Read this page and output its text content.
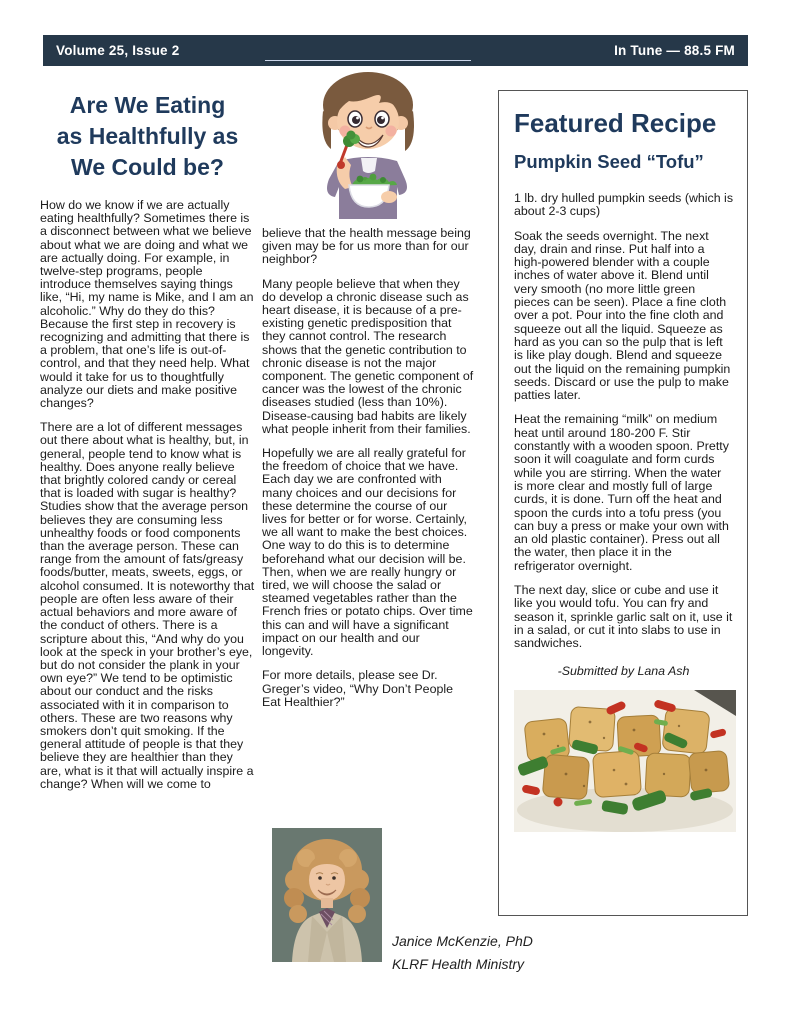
Volume 25, Issue 2	In Tune — 88.5 FM
Are We Eating
as Healthfully as
We Could be?

How do we know if we are actually eating healthfully? Sometimes there is a disconnect between what we believe about what we are doing and what we are actually doing. For example, in twelve-step programs, people introduce themselves saying things like, “Hi, my name is Mike, and I am an alcoholic.” Why do they do this? Because the first step in recovery is recognizing and admitting that there is a problem, that one’s life is out-of-control, and that they need help. What would it take for us to thoughtfully analyze our diets and make positive changes?

There are a lot of different messages out there about what is healthy, but, in general, people tend to know what is healthy. Does anyone really believe that brightly colored candy or cereal that is loaded with sugar is healthy? Studies show that the average person believes they are consuming less unhealthy foods or food components than the average person. These can range from the amount of fats/greasy foods/butter, meats, sweets, eggs, or alcohol consumed. It is noteworthy that people are often less aware of their actual behaviors and more aware of the conduct of others. There is a scripture about this, “And why do you look at the speck in your brother’s eye, but do not consider the plank in your own eye?” We tend to be optimistic about our conduct and the risks associated with it in comparison to others. These are two reasons why smokers don’t quit smoking. If the general attitude of people is that they believe they are healthier than they are, what is it that will actually inspire a change? When will we come to

believe that the health message being given may be for us more than for our neighbor?

Many people believe that when they do develop a chronic disease such as heart disease, it is because of a pre-existing genetic predisposition that they cannot control. The research shows that the genetic contribution to chronic disease is not the major component. The genetic component of cancer was the lowest of the chronic diseases studied (less than 10%). Disease-causing bad habits are likely what people inherit from their families.

Hopefully we are all really grateful for the freedom of choice that we have. Each day we are confronted with many choices and our decisions for these determine the course of our lives for better or for worse. Certainly, we all want to make the best choices. One way to do this is to determine beforehand what our decision will be. Then, when we are really hungry or tired, we will choose the salad or steamed vegetables rather than the French fries or potato chips. Over time this can and will have a significant impact on our health and our longevity.

For more details, please see Dr. Greger’s video, “Why Don’t People Eat Healthier?”

Janice McKenzie, PhD
KLRF Health Ministry
Featured Recipe
Pumpkin Seed “Tofu”

1 lb. dry hulled pumpkin seeds (which is about 2-3 cups)

Soak the seeds overnight. The next day, drain and rinse. Put half into a high-powered blender with a couple inches of water above it. Blend until very smooth (no more little green pieces can be seen). Place a fine cloth over a pot. Pour into the fine cloth and squeeze out all the liquid. Squeeze as hard as you can so the pulp that is left is like play dough. Blend and squeeze out the liquid on the remaining pumpkin seeds. Discard or use the pulp to make patties later.

Heat the remaining “milk” on medium heat until around 180-200 F. Stir constantly with a wooden spoon. Pretty soon it will coagulate and form curds while you are stirring. When the water is more clear and mostly full of large curds, it is done. Turn off the heat and spoon the curds into a tofu press (you can buy a press or make your own with an old plastic container). Press out all the water, then place it in the refrigerator overnight.

The next day, slice or cube and use it like you would tofu. You can fry and season it, sprinkle garlic salt on it, use it in a salad, or cut it into slabs to use in sandwiches.

-Submitted by Lana Ash
